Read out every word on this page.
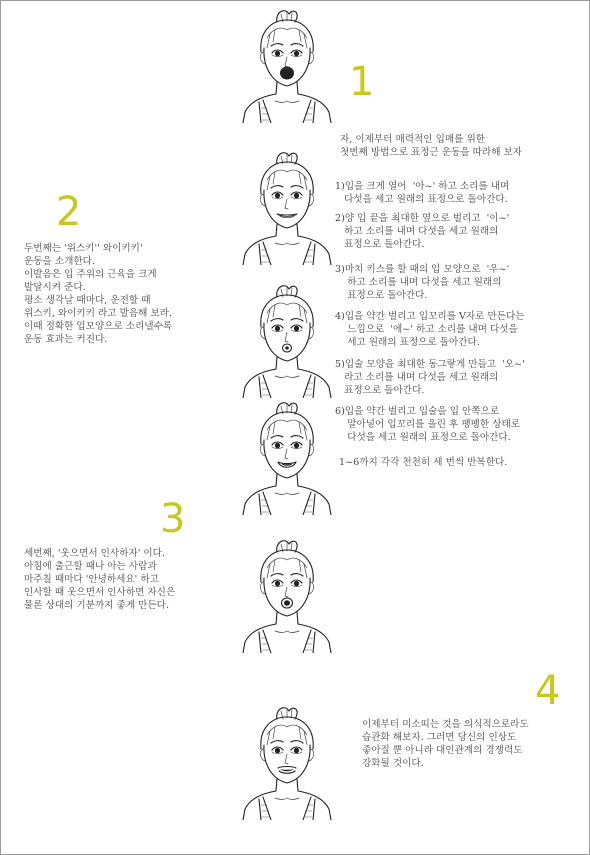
1
2
3
4
자, 이제부터 매력적인 입매를 위한
첫번째 방법으로 표정근 운동을 따라해 보자
1)입을 크게 열어  '아~' 하고 소리를 내며
다섯을 세고 원래의 표정으로 돌아간다.
2)양 입 끝을 최대한 옆으로 벌리고  '이~'
하고 소리를 내며 다섯을 세고 원래의
표정으로 돌아간다.
3)마치 키스를 할 때의 입 모양으로  '우~'
하고 소리를 내며 다섯을 세고 원래의
표정으로 돌아간다.
4)입을 약간 벌리고 입꼬리를 V자로 만든다는
느낌으로  '에~' 하고 소리를 내며 다섯을
세고 원래의 표정으로 돌아간다.
5)입술 모양을 최대한 동그랗게 만들고  '오~'
라고 소리를 내며 다섯을 세고 원래의
표정으로 돌아간다.
6)입을 약간 벌리고 입술을 입 안쪽으로
말아넣어 입꼬리를 올린 후 팽팽한 상태로
다섯을 세고 원래의 표정으로 돌아간다.
1~6까지 각각 천천히 세 번씩 반복한다.
두번째는 '위스키'' 와이키키'
운동을 소개한다.
이발음은 입 주위의 근육을 크게
발달시켜 준다.
평소 생각날 때마다, 운전할 때
위스키, 와이키키 라고 발음해 보라.
이때 정확한 입모양으로 소리낼수록
운동 효과는 커진다.
세번째, '웃으면서 인사하자' 이다.
아침에 출근할 때나 아는 사람과
마주칠 때마다 '안녕하세요' 하고
인사할 때 웃으면서 인사하면 자신은
물론 상대의 기분까지 좋게 만든다.
이제부터 미소띠는 것을 의식적으로라도
습관화 해보자. 그러면 당신의 인상도
좋아질 뿐 아니라 대인관계의 경쟁력도
강화될 것이다.
